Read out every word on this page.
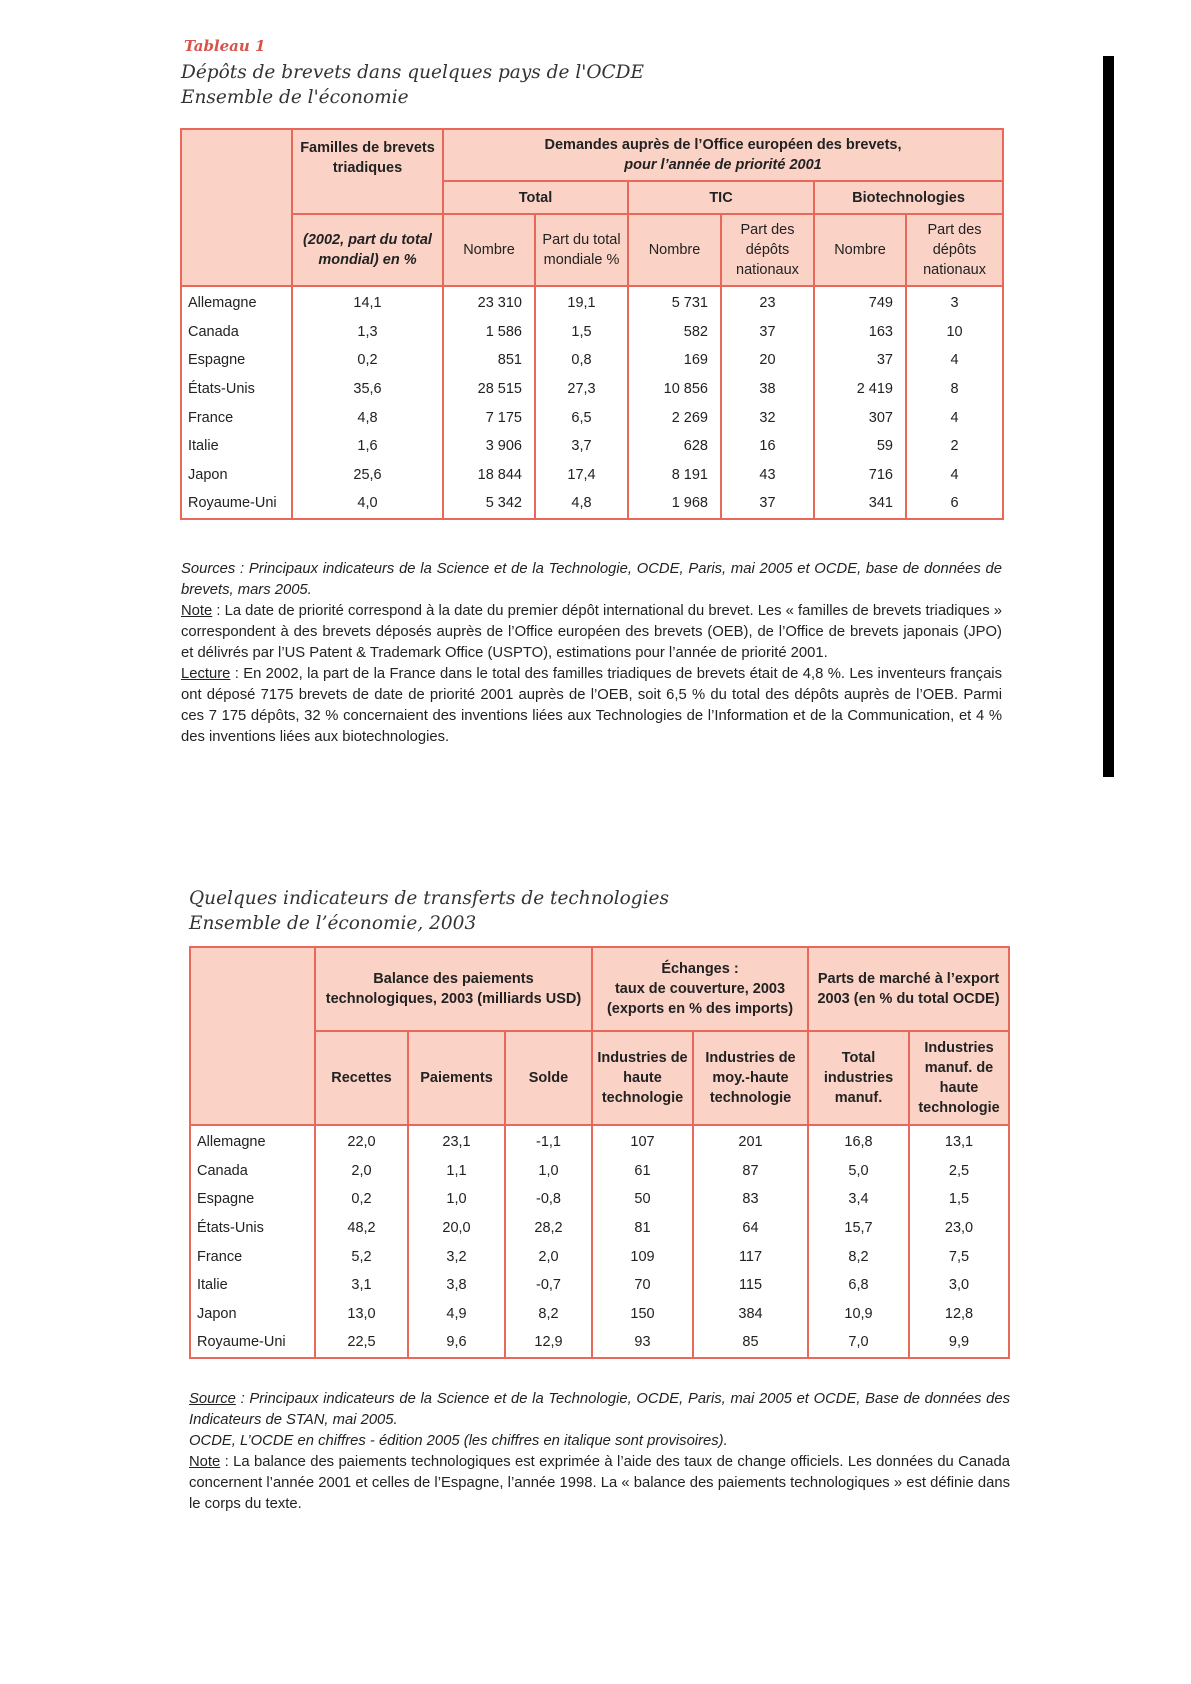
Tableau 1

Dépôts de brevets dans quelques pays de l'OCDE

Ensemble de l'économie

	Familles de brevets triadiques	Demandes auprès de l’Office européen des brevets,
pour l’année de priorité 2001					

		Total		TIC		Biotechnologies	
	(2002, part du total mondial) en %	Nombre	Part du total mondiale %	Nombre	Part des dépôts nationaux	Nombre	Part des dépôts nationaux
Allemagne	14,1	23 310	19,1	5 731	23	749	3
Canada	1,3	1 586	1,5	582	37	163	10
Espagne	0,2	851	0,8	169	20	37	4
États-Unis	35,6	28 515	27,3	10 856	38	2 419	8
France	4,8	7 175	6,5	2 269	32	307	4
Italie	1,6	3 906	3,7	628	16	59	2
Japon	25,6	18 844	17,4	8 191	43	716	4
Royaume-Uni	4,0	5 342	4,8	1 968	37	341	6

Sources : Principaux indicateurs de la Science et de la Technologie, OCDE, Paris, mai 2005 et OCDE, base de données de brevets, mars 2005.

Note : La date de priorité correspond à la date du premier dépôt international du brevet. Les « familles de brevets triadiques » correspondent à des brevets déposés auprès de l’Office européen des brevets (OEB), de l’Office de brevets japonais (JPO) et délivrés par l’US Patent & Trademark Office (USPTO), estimations pour l’année de priorité 2001.

Lecture : En 2002, la part de la France dans le total des familles triadiques de brevets était de 4,8 %. Les inventeurs français ont déposé 7175 brevets de date de priorité 2001 auprès de l’OEB, soit 6,5 % du total des dépôts auprès de l’OEB. Parmi ces 7 175 dépôts, 32 % concernaient des inventions liées aux Technologies de l’Information et de la Communication, et 4 % des inventions liées aux biotechnologies.

Quelques indicateurs de transferts de technologies

Ensemble de l’économie, 2003

	Balance des paiements technologiques, 2003 (milliards USD)			Échanges :
taux de couverture, 2003
(exports en % des imports)		Parts de marché à l’export 2003 (en % du total OCDE)	
	Recettes	Paiements	Solde	Industries de haute technologie	Industries de moy.-haute technologie	Total industries manuf.	Industries manuf. de haute technologie
Allemagne	22,0	23,1	-1,1	107	201	16,8	13,1
Canada	2,0	1,1	1,0	61	87	5,0	2,5
Espagne	0,2	1,0	-0,8	50	83	3,4	1,5
États-Unis	48,2	20,0	28,2	81	64	15,7	23,0
France	5,2	3,2	2,0	109	117	8,2	7,5
Italie	3,1	3,8	-0,7	70	115	6,8	3,0
Japon	13,0	4,9	8,2	150	384	10,9	12,8
Royaume-Uni	22,5	9,6	12,9	93	85	7,0	9,9

Source : Principaux indicateurs de la Science et de la Technologie, OCDE, Paris, mai 2005 et OCDE, Base de données des Indicateurs de STAN, mai 2005.

OCDE, L’OCDE en chiffres - édition 2005 (les chiffres en italique sont provisoires).

Note : La balance des paiements technologiques est exprimée à l’aide des taux de change officiels. Les données du Canada concernent l’année 2001 et celles de l’Espagne, l’année 1998. La « balance des paiements technologiques » est définie dans le corps du texte.
